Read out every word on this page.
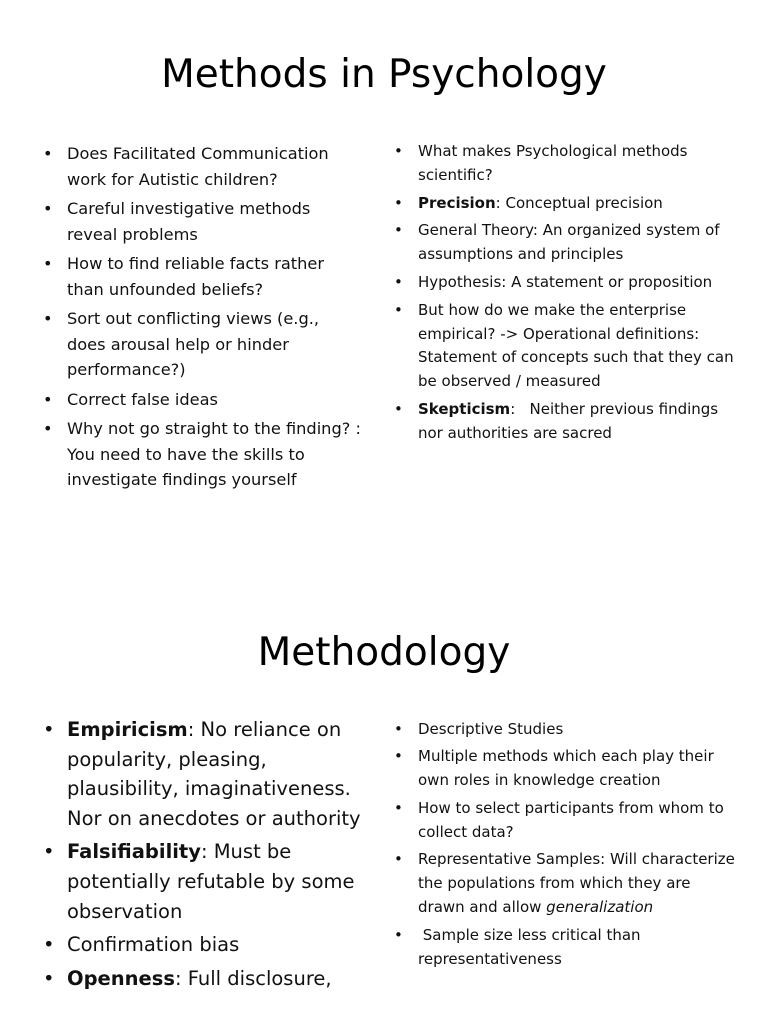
Methods in Psychology
• Does Facilitated Communication work for Autistic children?
• Careful investigative methods reveal problems
• How to find reliable facts rather than unfounded beliefs?
• Sort out conflicting views (e.g., does arousal help or hinder performance?)
• Correct false ideas
• Why not go straight to the finding? : You need to have the skills to investigate findings yourself
• What makes Psychological methods scientific?
• Precision: Conceptual precision
• General Theory: An organized system of assumptions and principles
• Hypothesis: A statement or proposition
• But how do we make the enterprise empirical? -> Operational definitions: Statement of concepts such that they can be observed / measured
• Skepticism:   Neither previous findings nor authorities are sacred
Methodology
• Empiricism: No reliance on popularity, pleasing, plausibility, imaginativeness. Nor on anecdotes or authority
• Falsifiability: Must be potentially refutable by some observation
• Confirmation bias
• Openness: Full disclosure,
• Descriptive Studies
• Multiple methods which each play their own roles in knowledge creation
• How to select participants from whom to collect data?
• Representative Samples: Will characterize the populations from which they are drawn and allow generalization
•  Sample size less critical than representativeness
